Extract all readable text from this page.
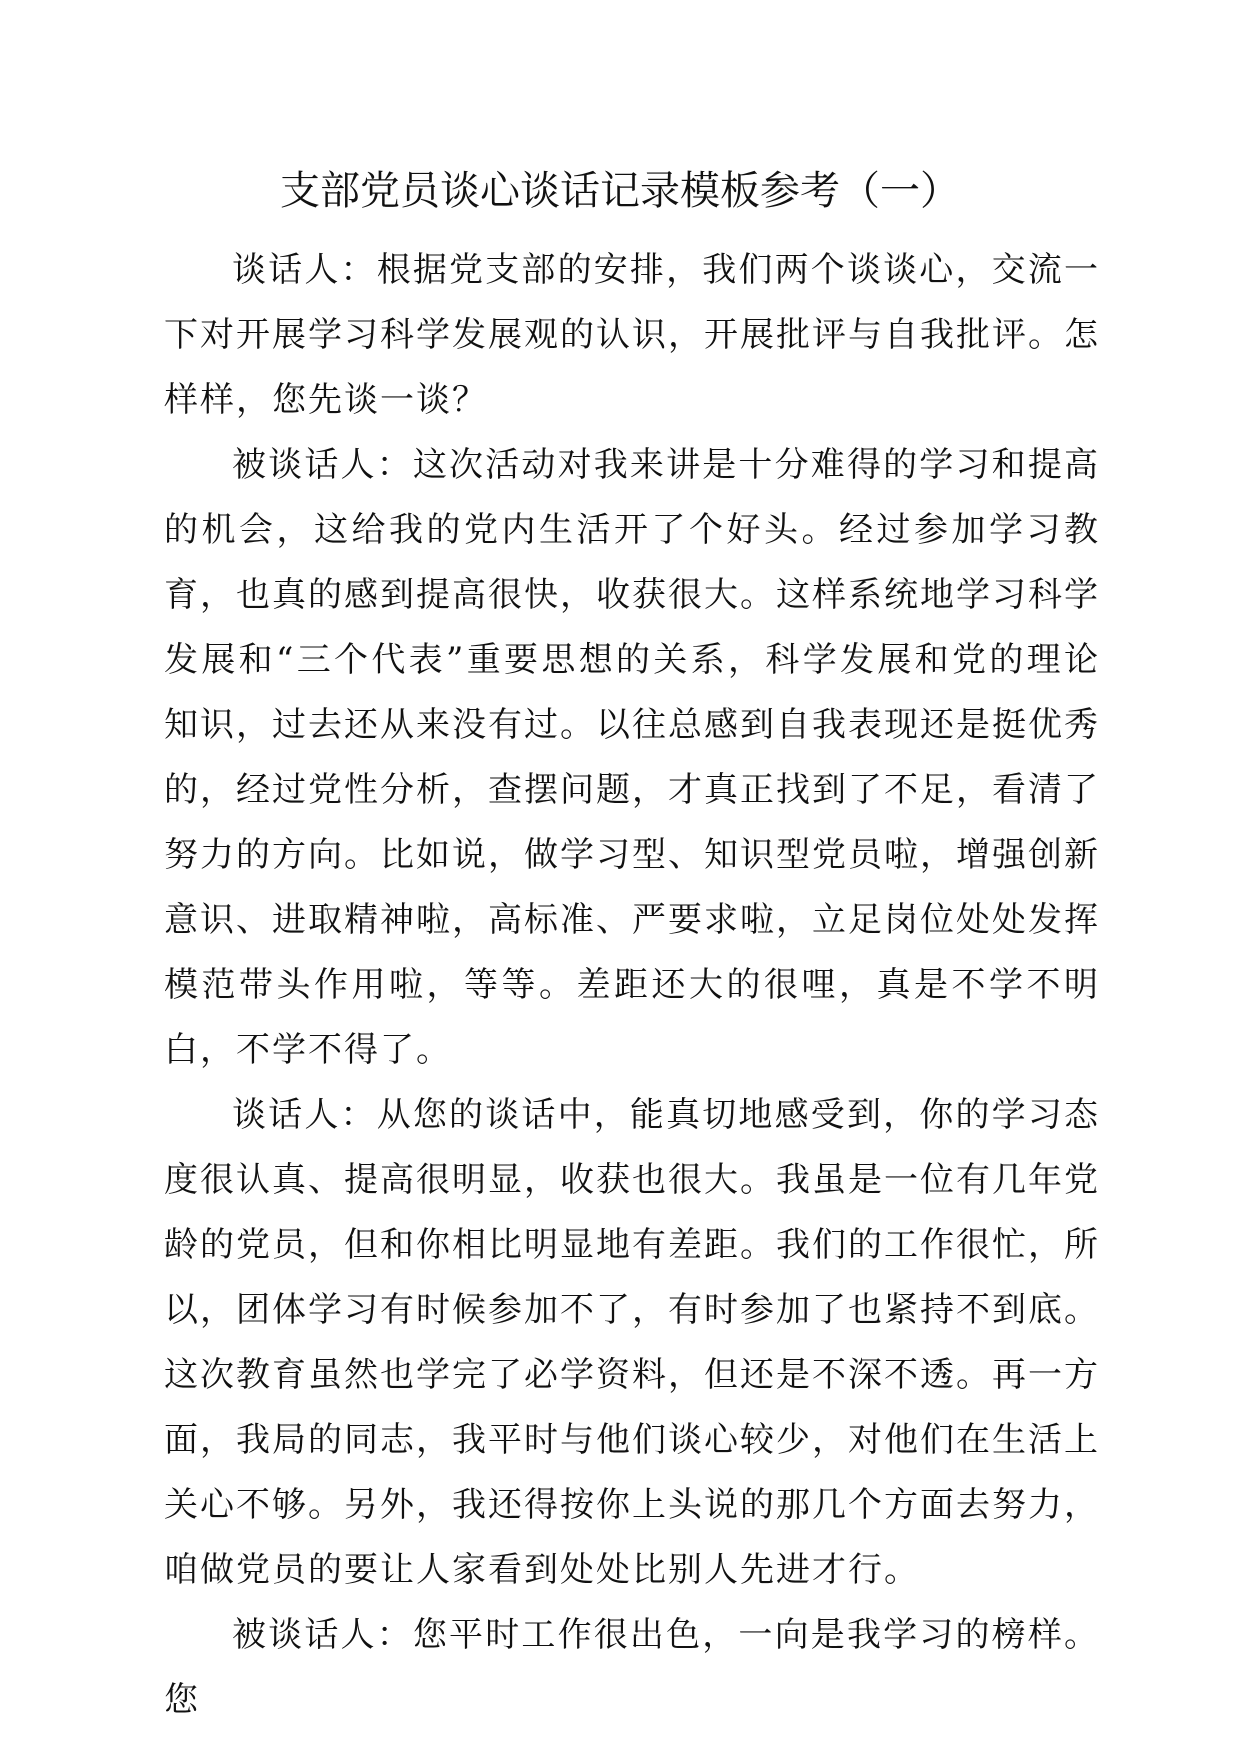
支部党员谈心谈话记录模板参考（一）

谈话人：根据党支部的安排，我们两个谈谈心，交流一下对开展学习科学发展观的认识，开展批评与自我批评。怎样样，您先谈一谈？

被谈话人：这次活动对我来讲是十分难得的学习和提高的机会，这给我的党内生活开了个好头。经过参加学习教育，也真的感到提高很快，收获很大。这样系统地学习科学发展和“三个代表”重要思想的关系，科学发展和党的理论知识，过去还从来没有过。以往总感到自我表现还是挺优秀的，经过党性分析，查摆问题，才真正找到了不足，看清了努力的方向。比如说，做学习型、知识型党员啦，增强创新意识、进取精神啦，高标准、严要求啦，立足岗位处处发挥模范带头作用啦，等等。差距还大的很哩，真是不学不明白，不学不得了。

谈话人：从您的谈话中，能真切地感受到，你的学习态度很认真、提高很明显，收获也很大。我虽是一位有几年党龄的党员，但和你相比明显地有差距。我们的工作很忙，所以，团体学习有时候参加不了，有时参加了也紧持不到底。这次教育虽然也学完了必学资料，但还是不深不透。再一方面，我局的同志，我平时与他们谈心较少，对他们在生活上关心不够。另外，我还得按你上头说的那几个方面去努力，咱做党员的要让人家看到处处比别人先进才行。

被谈话人：您平时工作很出色，一向是我学习的榜样。您
